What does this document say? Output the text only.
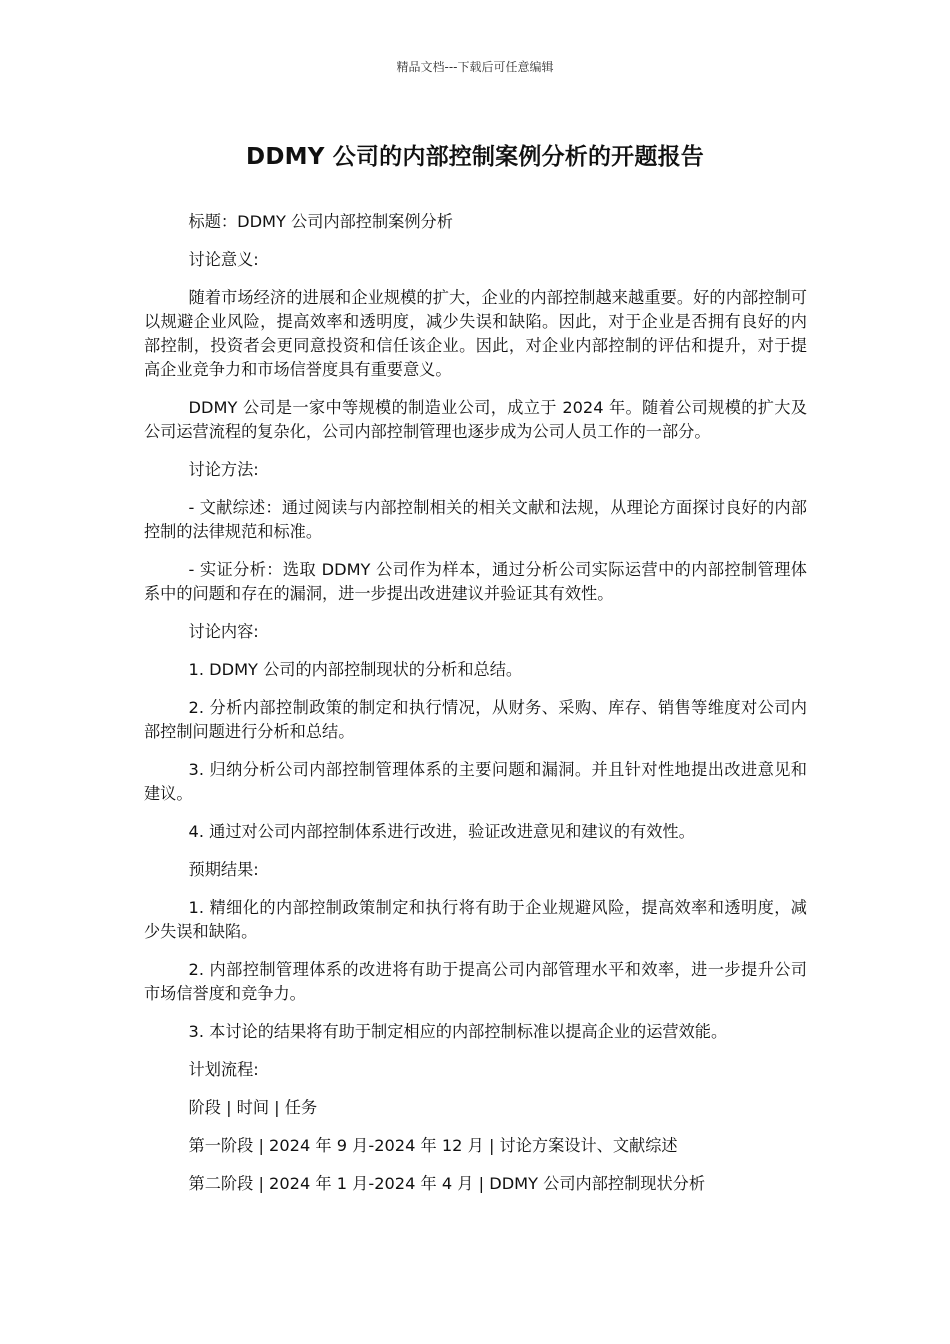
精品文档---下载后可任意编辑
DDMY 公司的内部控制案例分析的开题报告

标题：DDMY 公司内部控制案例分析

讨论意义:

随着市场经济的进展和企业规模的扩大，企业的内部控制越来越重要。好的内部控制可以规避企业风险，提高效率和透明度，减少失误和缺陷。因此，对于企业是否拥有良好的内部控制，投资者会更同意投资和信任该企业。因此，对企业内部控制的评估和提升，对于提高企业竞争力和市场信誉度具有重要意义。

DDMY 公司是一家中等规模的制造业公司，成立于 2024 年。随着公司规模的扩大及公司运营流程的复杂化，公司内部控制管理也逐步成为公司人员工作的一部分。

讨论方法:

- 文献综述：通过阅读与内部控制相关的相关文献和法规，从理论方面探讨良好的内部控制的法律规范和标准。

- 实证分析：选取 DDMY 公司作为样本，通过分析公司实际运营中的内部控制管理体系中的问题和存在的漏洞，进一步提出改进建议并验证其有效性。

讨论内容:

1. DDMY 公司的内部控制现状的分析和总结。

2. 分析内部控制政策的制定和执行情况，从财务、采购、库存、销售等维度对公司内部控制问题进行分析和总结。

3. 归纳分析公司内部控制管理体系的主要问题和漏洞。并且针对性地提出改进意见和建议。

4. 通过对公司内部控制体系进行改进，验证改进意见和建议的有效性。

预期结果:

1. 精细化的内部控制政策制定和执行将有助于企业规避风险，提高效率和透明度，减少失误和缺陷。

2. 内部控制管理体系的改进将有助于提高公司内部管理水平和效率，进一步提升公司市场信誉度和竞争力。

3. 本讨论的结果将有助于制定相应的内部控制标准以提高企业的运营效能。

计划流程:

阶段 | 时间 | 任务

第一阶段 | 2024 年 9 月-2024 年 12 月 | 讨论方案设计、文献综述

第二阶段 | 2024 年 1 月-2024 年 4 月 | DDMY 公司内部控制现状分析
